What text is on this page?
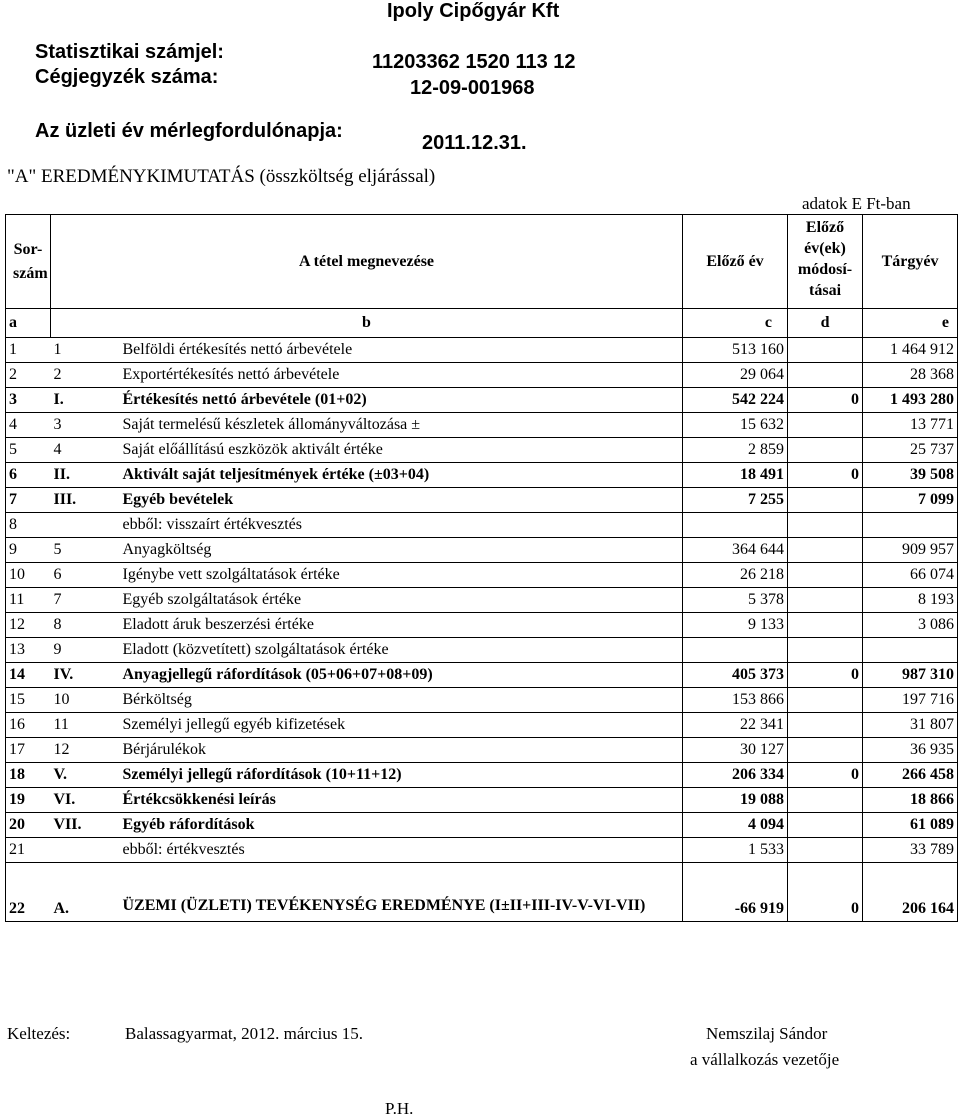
Ipoly Cipőgyár Kft
Statisztikai számjel:	11203362 1520 113 12
Cégjegyzék száma:	12-09-001968
Az üzleti év mérlegfordulónapja:
2011.12.31.
"A" EREDMÉNYKIMUTATÁS (összköltség eljárással)
adatok E Ft-ban
Sor-szám	A tétel megnevezése		Előző év	Előző év(ek) módosí-tásai	Tárgyév
a	b		c	d	e
1	1	Belföldi értékesítés nettó árbevétele	513 160		1 464 912
2	2	Exportértékesítés nettó árbevétele	29 064		28 368
3	I.	Értékesítés nettó árbevétele (01+02)	542 224	0	1 493 280
4	3	Saját termelésű készletek állományváltozása ±	15 632		13 771
5	4	Saját előállítású eszközök aktivált értéke	2 859		25 737
6	II.	Aktivált saját teljesítmények értéke (±03+04)	18 491	0	39 508
7	III.	Egyéb bevételek	7 255		7 099
8		ebből: visszaírt értékvesztés			
9	5	Anyagköltség	364 644		909 957
10	6	Igénybe vett szolgáltatások értéke	26 218		66 074
11	7	Egyéb szolgáltatások értéke	5 378		8 193
12	8	Eladott áruk beszerzési értéke	9 133		3 086
13	9	Eladott (közvetített) szolgáltatások értéke			
14	IV.	Anyagjellegű ráfordítások (05+06+07+08+09)	405 373	0	987 310
15	10	Bérköltség	153 866		197 716
16	11	Személyi jellegű egyéb kifizetések	22 341		31 807
17	12	Bérjárulékok	30 127		36 935
18	V.	Személyi jellegű ráfordítások (10+11+12)	206 334	0	266 458
19	VI.	Értékcsökkenési leírás	19 088		18 866
20	VII.	Egyéb ráfordítások	4 094		61 089
21		ebből: értékvesztés	1 533		33 789
22	A.	ÜZEMI (ÜZLETI) TEVÉKENYSÉG EREDMÉNYE (I±II+III-IV-V-VI-VII)	-66 919	0	206 164
Keltezés:	Balassagyarmat, 2012. március 15.	Nemszilaj Sándor
a vállalkozás vezetője
P.H.
